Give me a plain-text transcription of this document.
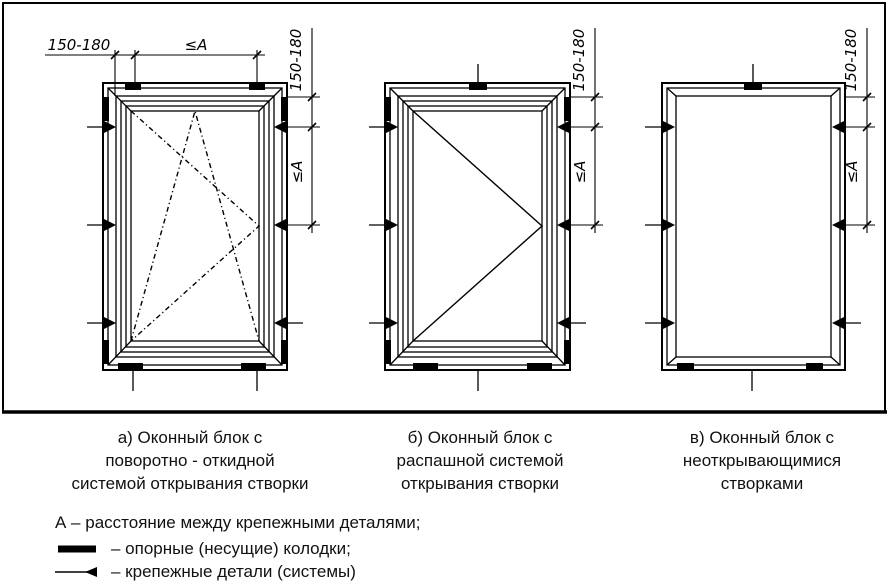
150-180	≤A	150-180
≤A
150-180
≤A
150-180
≤A
а) Оконный блок с
поворотно - откидной
системой открывания створки
б) Оконный блок с
распашной системой
открывания створки
в) Оконный блок с
неоткрывающимися
створками
А – расстояние между крепежными деталями;
– опорные (несущие) колодки;
– крепежные детали (системы)
